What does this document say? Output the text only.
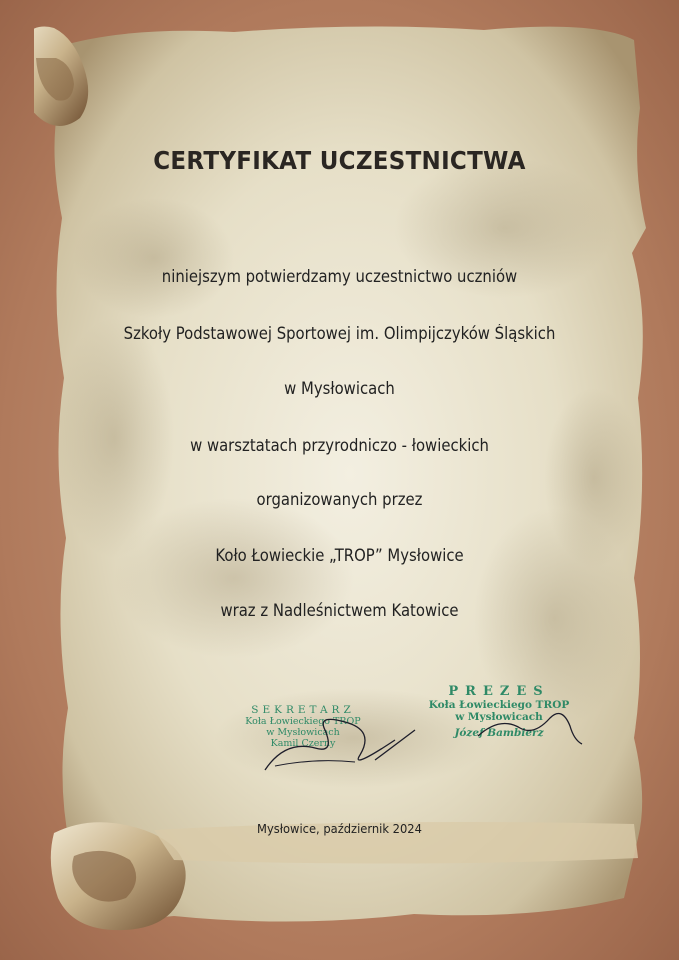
CERTYFIKAT UCZESTNICTWA
niniejszym potwierdzamy uczestnictwo uczniów
Szkoły Podstawowej Sportowej im. Olimpijczyków Śląskich
w Mysłowicach
w warsztatach przyrodniczo - łowieckich
organizowanych przez
Koło Łowieckie „TROP” Mysłowice
wraz z Nadleśnictwem Katowice
SEKRETARZ
Koła Łowieckiego TROP
w Mysłowicach
Kamil Czerny
PREZES
Koła Łowieckiego TROP
w Mysłowicach
Józef Bambierz
Mysłowice, październik 2024
